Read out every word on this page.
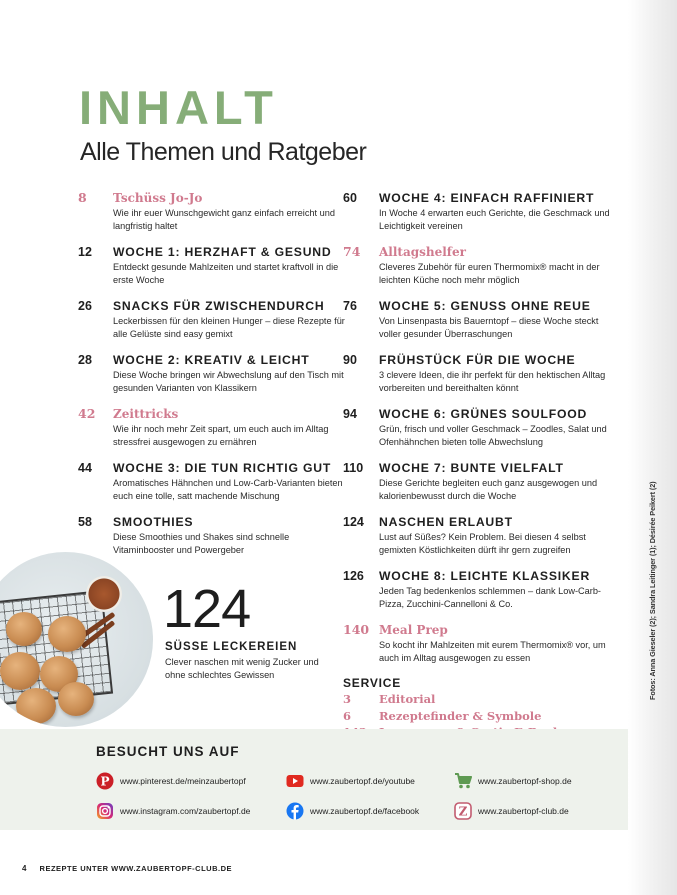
INHALT
Alle Themen und Ratgeber
8	Tschüss Jo-Jo
Wie ihr euer Wunschgewicht ganz einfach erreicht und langfristig haltet
12	WOCHE 1: HERZHAFT & GESUND
Entdeckt gesunde Mahlzeiten und startet kraftvoll in die erste Woche
26	SNACKS FÜR ZWISCHENDURCH
Leckerbissen für den kleinen Hunger – diese Rezepte für alle Gelüste sind easy gemixt
28	WOCHE 2: KREATIV & LEICHT
Diese Woche bringen wir Abwechslung auf den Tisch mit gesunden Varianten von Klassikern
42	Zeittricks
Wie ihr noch mehr Zeit spart, um euch auch im Alltag stressfrei ausgewogen zu ernähren
44	WOCHE 3: DIE TUN RICHTIG GUT
Aromatisches Hähnchen und Low-Carb-Varianten bieten euch eine tolle, satt machende Mischung
58	SMOOTHIES
Diese Smoothies und Shakes sind schnelle Vitaminbooster und Powergeber
60	WOCHE 4: EINFACH RAFFINIERT
In Woche 4 erwarten euch Gerichte, die Geschmack und Leichtigkeit vereinen
74	Alltagshelfer
Cleveres Zubehör für euren Thermomix® macht in der leichten Küche noch mehr möglich
76	WOCHE 5: GENUSS OHNE REUE
Von Linsenpasta bis Bauerntopf – diese Woche steckt voller gesunder Überraschungen
90	FRÜHSTÜCK FÜR DIE WOCHE
3 clevere Ideen, die ihr perfekt für den hektischen Alltag vorbereiten und bereithalten könnt
94	WOCHE 6: GRÜNES SOULFOOD
Grün, frisch und voller Geschmack – Zoodles, Salat und Ofenhähnchen bieten tolle Abwechslung
110	WOCHE 7: BUNTE VIELFALT
Diese Gerichte begleiten euch ganz ausgewogen und kalorienbewusst durch die Woche
124	NASCHEN ERLAUBT
Lust auf Süßes? Kein Problem. Bei diesen 4 selbst gemixten Köstlichkeiten dürft ihr gern zugreifen
126	WOCHE 8: LEICHTE KLASSIKER
Jeden Tag bedenkenlos schlemmen – dank Low-Carb-Pizza, Zucchini-Cannelloni & Co.
140 Meal Prep
So kocht ihr Mahlzeiten mit eurem Thermomix® vor, um auch im Alltag ausgewogen zu essen
SERVICE
3	Editorial
6	Rezeptefinder & Symbole
124
SÜSSE LECKEREIEN
Clever naschen mit wenig Zucker und ohne schlechtes Gewissen	Fotos: Anna Gieseler (2); Sandra Leitinger (1); Désirée Peikert (2)
BESUCHT UNS AUF
P www.pinterest.de/meinzaubertopf	www.zaubertopf.de/youtube	www.zaubertopf-shop.de
www.instagram.com/zaubertopf.de	www.zaubertopf.de/facebook	Z www.zaubertopf-club.de
4 REZEPTE UNTER WWW.ZAUBERTOPF-CLUB.DE
